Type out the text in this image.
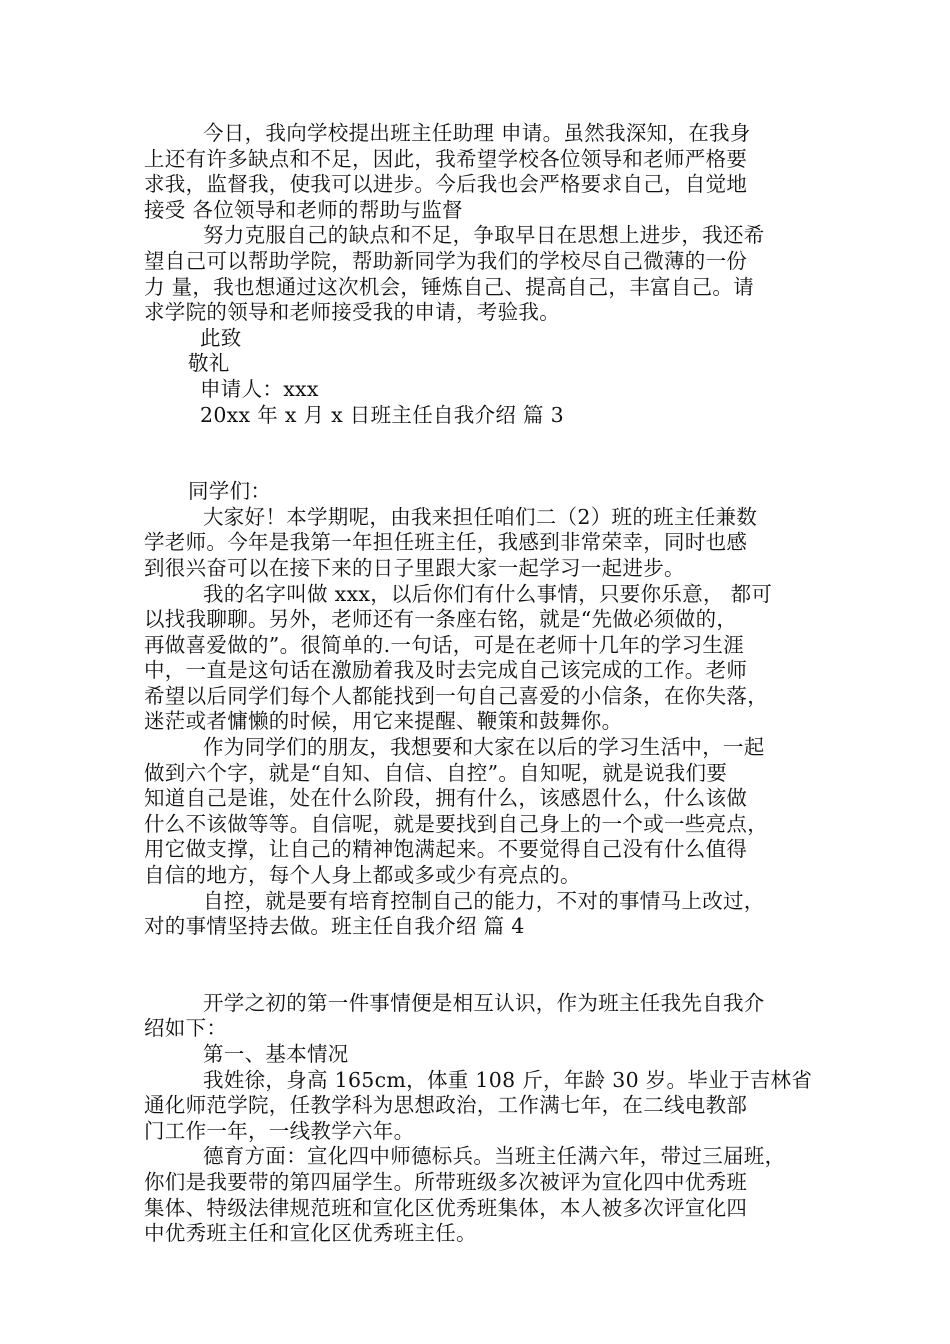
今日，我向学校提出班主任助理 申请。虽然我深知，在我身
上还有许多缺点和不足，因此，我希望学校各位领导和老师严格要
求我，监督我，使我可以进步。今后我也会严格要求自己，自觉地
接受 各位领导和老师的帮助与监督
努力克服自己的缺点和不足，争取早日在思想上进步，我还希
望自己可以帮助学院，帮助新同学为我们的学校尽自己微薄的一份
力 量，我也想通过这次机会，锤炼自己、提高自己，丰富自己。请
求学院的领导和老师接受我的申请，考验我。
此致
敬礼
申请人：xxx
20xx 年 x 月 x 日班主任自我介绍 篇 3
同学们：
大家好！本学期呢，由我来担任咱们二（2）班的班主任兼数
学老师。今年是我第一年担任班主任，我感到非常荣幸，同时也感
到很兴奋可以在接下来的日子里跟大家一起学习一起进步。
我的名字叫做 xxx，以后你们有什么事情，只要你乐意， 都可
以找我聊聊。另外，老师还有一条座右铭，就是“先做必须做的，
再做喜爱做的”。很简单的.一句话，可是在老师十几年的学习生涯
中，一直是这句话在激励着我及时去完成自己该完成的工作。老师
希望以后同学们每个人都能找到一句自己喜爱的小信条，在你失落，
迷茫或者慵懒的时候，用它来提醒、鞭策和鼓舞你。
作为同学们的朋友，我想要和大家在以后的学习生活中，一起
做到六个字，就是“自知、自信、自控”。自知呢，就是说我们要
知道自己是谁，处在什么阶段，拥有什么，该感恩什么，什么该做
什么不该做等等。自信呢，就是要找到自己身上的一个或一些亮点，
用它做支撑，让自己的精神饱满起来。不要觉得自己没有什么值得
自信的地方，每个人身上都或多或少有亮点的。
自控，就是要有培育控制自己的能力，不对的事情马上改过，
对的事情坚持去做。班主任自我介绍 篇 4
开学之初的第一件事情便是相互认识，作为班主任我先自我介
绍如下：
第一、基本情况
我姓徐，身高 165cm，体重 108 斤，年龄 30 岁。毕业于吉林省
通化师范学院，任教学科为思想政治，工作满七年，在二线电教部
门工作一年，一线教学六年。
德育方面：宣化四中师德标兵。当班主任满六年，带过三届班，
你们是我要带的第四届学生。所带班级多次被评为宣化四中优秀班
集体、特级法律规范班和宣化区优秀班集体，本人被多次评宣化四
中优秀班主任和宣化区优秀班主任。
